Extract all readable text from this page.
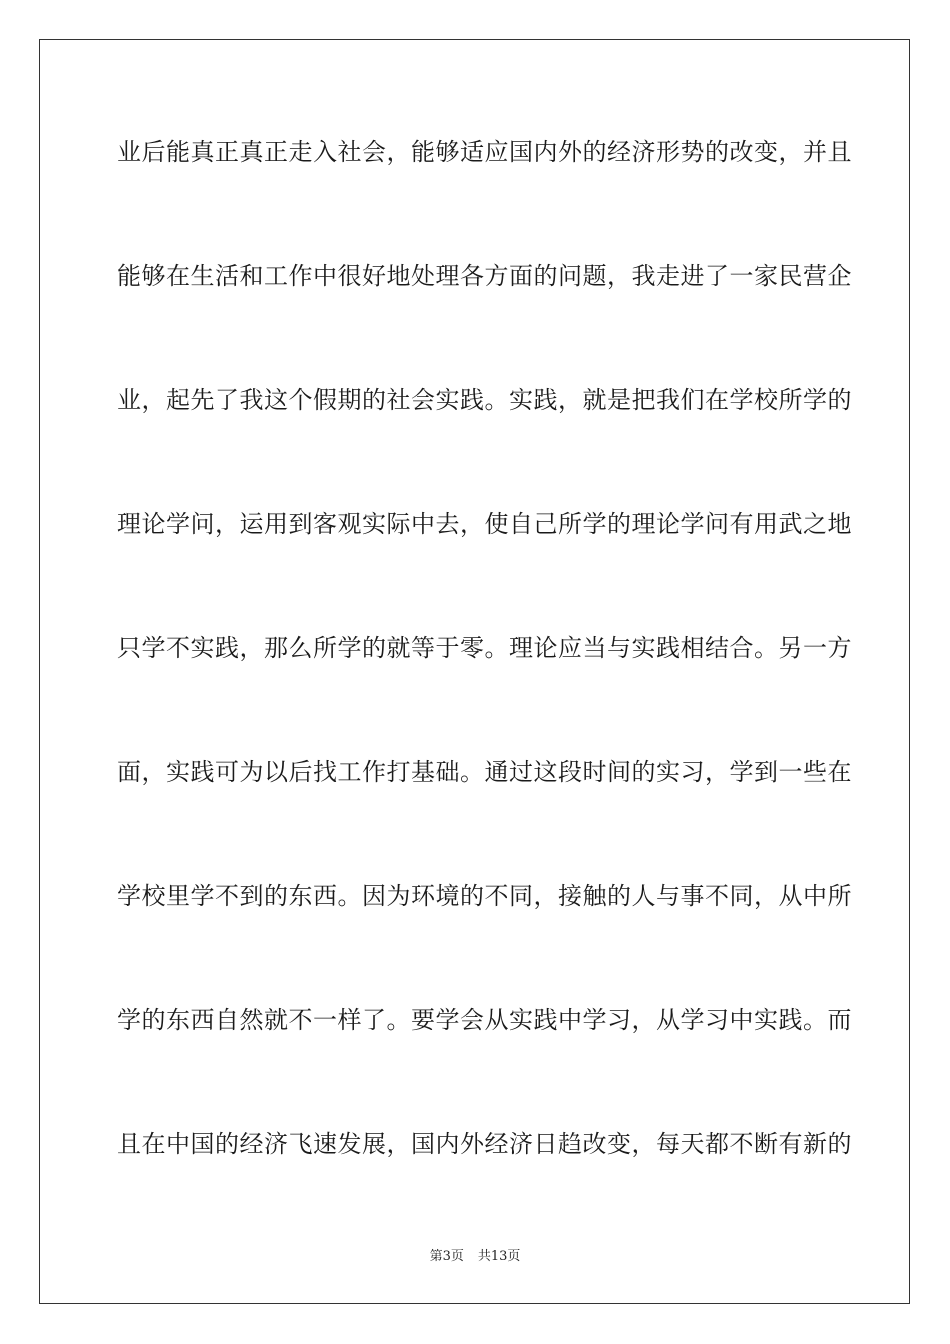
业后能真正真正走入社会，能够适应国内外的经济形势的改变，并且
能够在生活和工作中很好地处理各方面的问题，我走进了一家民营企
业，起先了我这个假期的社会实践。实践，就是把我们在学校所学的
理论学问，运用到客观实际中去，使自己所学的理论学问有用武之地
只学不实践，那么所学的就等于零。理论应当与实践相结合。另一方
面，实践可为以后找工作打基础。通过这段时间的实习，学到一些在
学校里学不到的东西。因为环境的不同，接触的人与事不同，从中所
学的东西自然就不一样了。要学会从实践中学习，从学习中实践。而
且在中国的经济飞速发展，国内外经济日趋改变，每天都不断有新的
第3页 共13页
